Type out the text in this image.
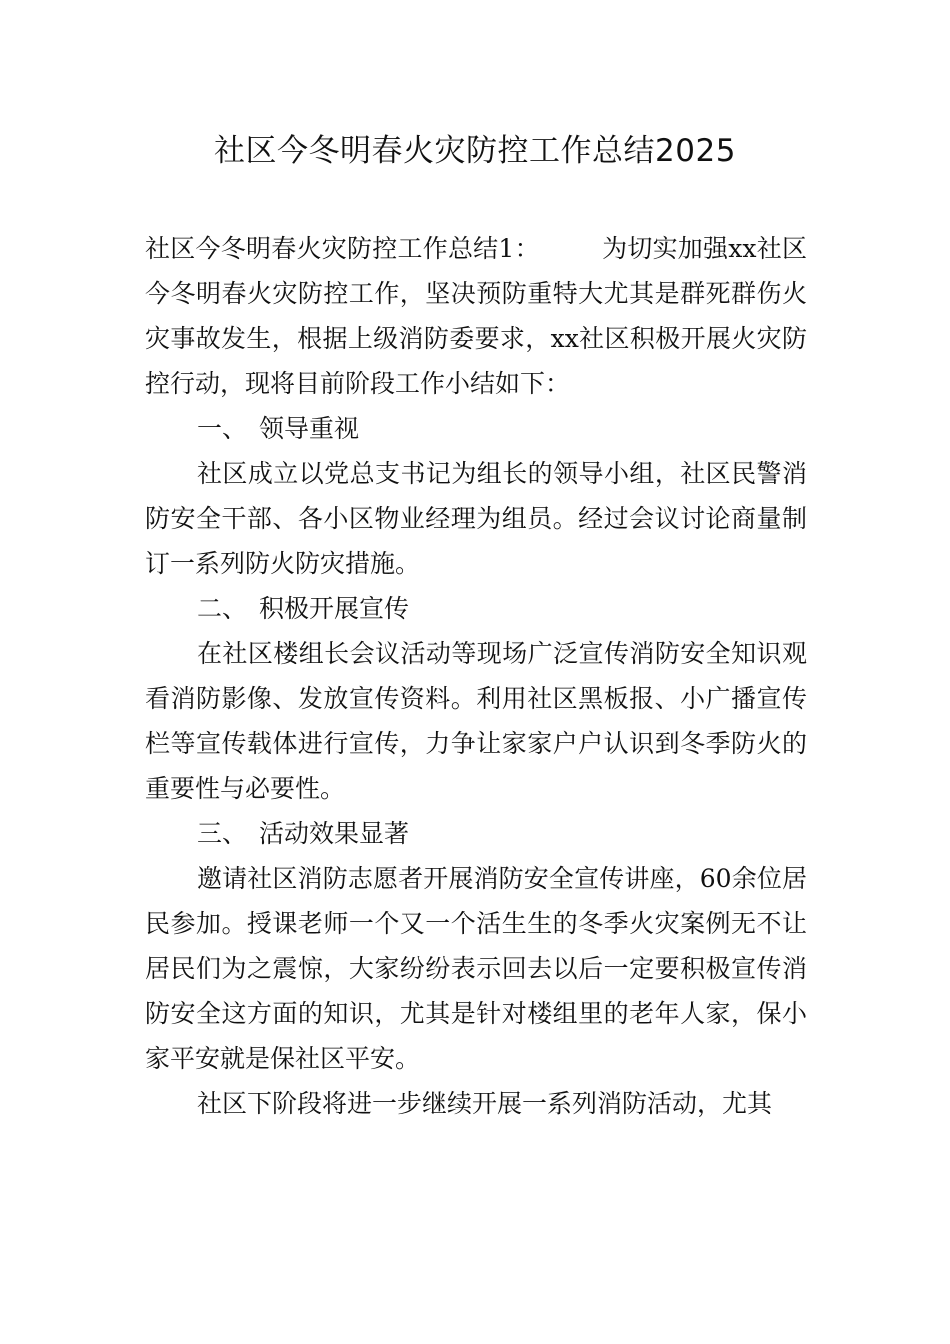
社区今冬明春火灾防控工作总结2025

社区今冬明春火灾防控工作总结1： 为切实加强xx社区今冬明春火灾防控工作，坚决预防重特大尤其是群死群伤火灾事故发生，根据上级消防委要求，xx社区积极开展火灾防控行动，现将目前阶段工作小结如下：

一、 领导重视

社区成立以党总支书记为组长的领导小组，社区民警消防安全干部、各小区物业经理为组员。经过会议讨论商量制订一系列防火防灾措施。

二、 积极开展宣传

在社区楼组长会议活动等现场广泛宣传消防安全知识观看消防影像、发放宣传资料。利用社区黑板报、小广播宣传栏等宣传载体进行宣传，力争让家家户户认识到冬季防火的重要性与必要性。

三、 活动效果显著

邀请社区消防志愿者开展消防安全宣传讲座，60余位居民参加。授课老师一个又一个活生生的冬季火灾案例无不让居民们为之震惊，大家纷纷表示回去以后一定要积极宣传消防安全这方面的知识，尤其是针对楼组里的老年人家，保小家平安就是保社区平安。

社区下阶段将进一步继续开展一系列消防活动，尤其
